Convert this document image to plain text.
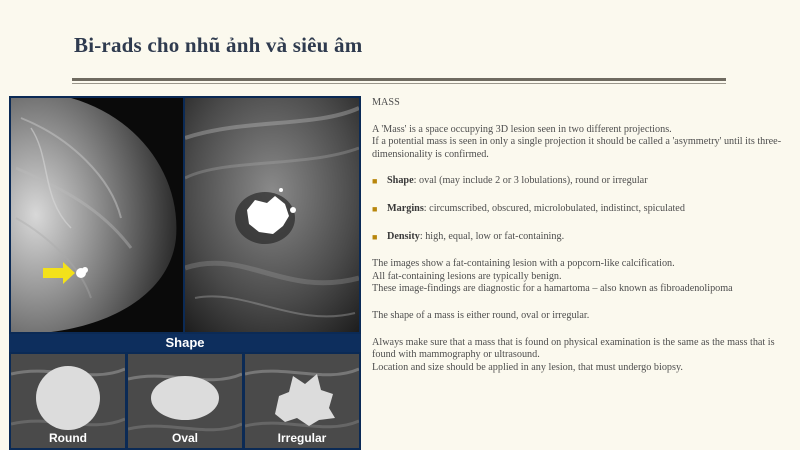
Bi-rads cho nhũ ảnh và siêu âm
Shape
Round	Oval	Irregular

MASS

A 'Mass' is a space occupying 3D lesion seen in two different projections.
If a potential mass is seen in only a single projection it should be called a 'asymmetry' until its three-dimensionality is confirmed.

■ Shape: oval (may include 2 or 3 lobulations), round or irregular
■ Margins: circumscribed, obscured, microlobulated, indistinct, spiculated
■ Density: high, equal, low or fat-containing.

The images show a fat-containing lesion with a popcorn-like calcification.
All fat-containing lesions are typically benign.
These image-findings are diagnostic for a hamartoma – also known as fibroadenolipoma

The shape of a mass is either round, oval or irregular.

Always make sure that a mass that is found on physical examination is the same as the mass that is found with mammography or ultrasound.
Location and size should be applied in any lesion, that must undergo biopsy.
